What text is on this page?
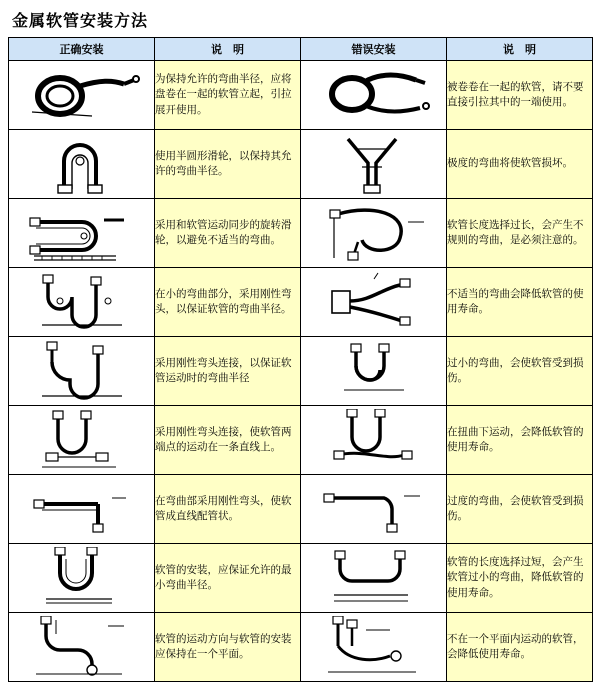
金属软管安装方法
正确安装	说　明	错误安装	说　明

	为保持允许的弯曲半径，应将盘卷在一起的软管立起，引拉展开使用。		被卷卷在一起的软管，请不要直接引拉其中的一端使用。

	使用半圆形滑轮，以保持其允许的弯曲半径。		极度的弯曲将使软管损坏。

	采用和软管运动同步的旋转滑轮，以避免不适当的弯曲。		软管长度选择过长，会产生不规则的弯曲，是必须注意的。

	在小的弯曲部分，采用刚性弯头，以保证软管的弯曲半径。		不适当的弯曲会降低软管的使用寿命。

	采用刚性弯头连接，以保证软管运动时的弯曲半径		过小的弯曲，会使软管受到损伤。

	采用刚性弯头连接，使软管两端点的运动在一条直线上。		在扭曲下运动，会降低软管的使用寿命。

	在弯曲部采用刚性弯头，使软管成直线配管状。		过度的弯曲，会使软管受到损伤。

	软管的安装，应保证允许的最小弯曲半径。		软管的长度选择过短，会产生软管过小的弯曲，降低软管的使用寿命。

	软管的运动方向与软管的安装应保持在一个平面。		不在一个平面内运动的软管，会降低使用寿命。
